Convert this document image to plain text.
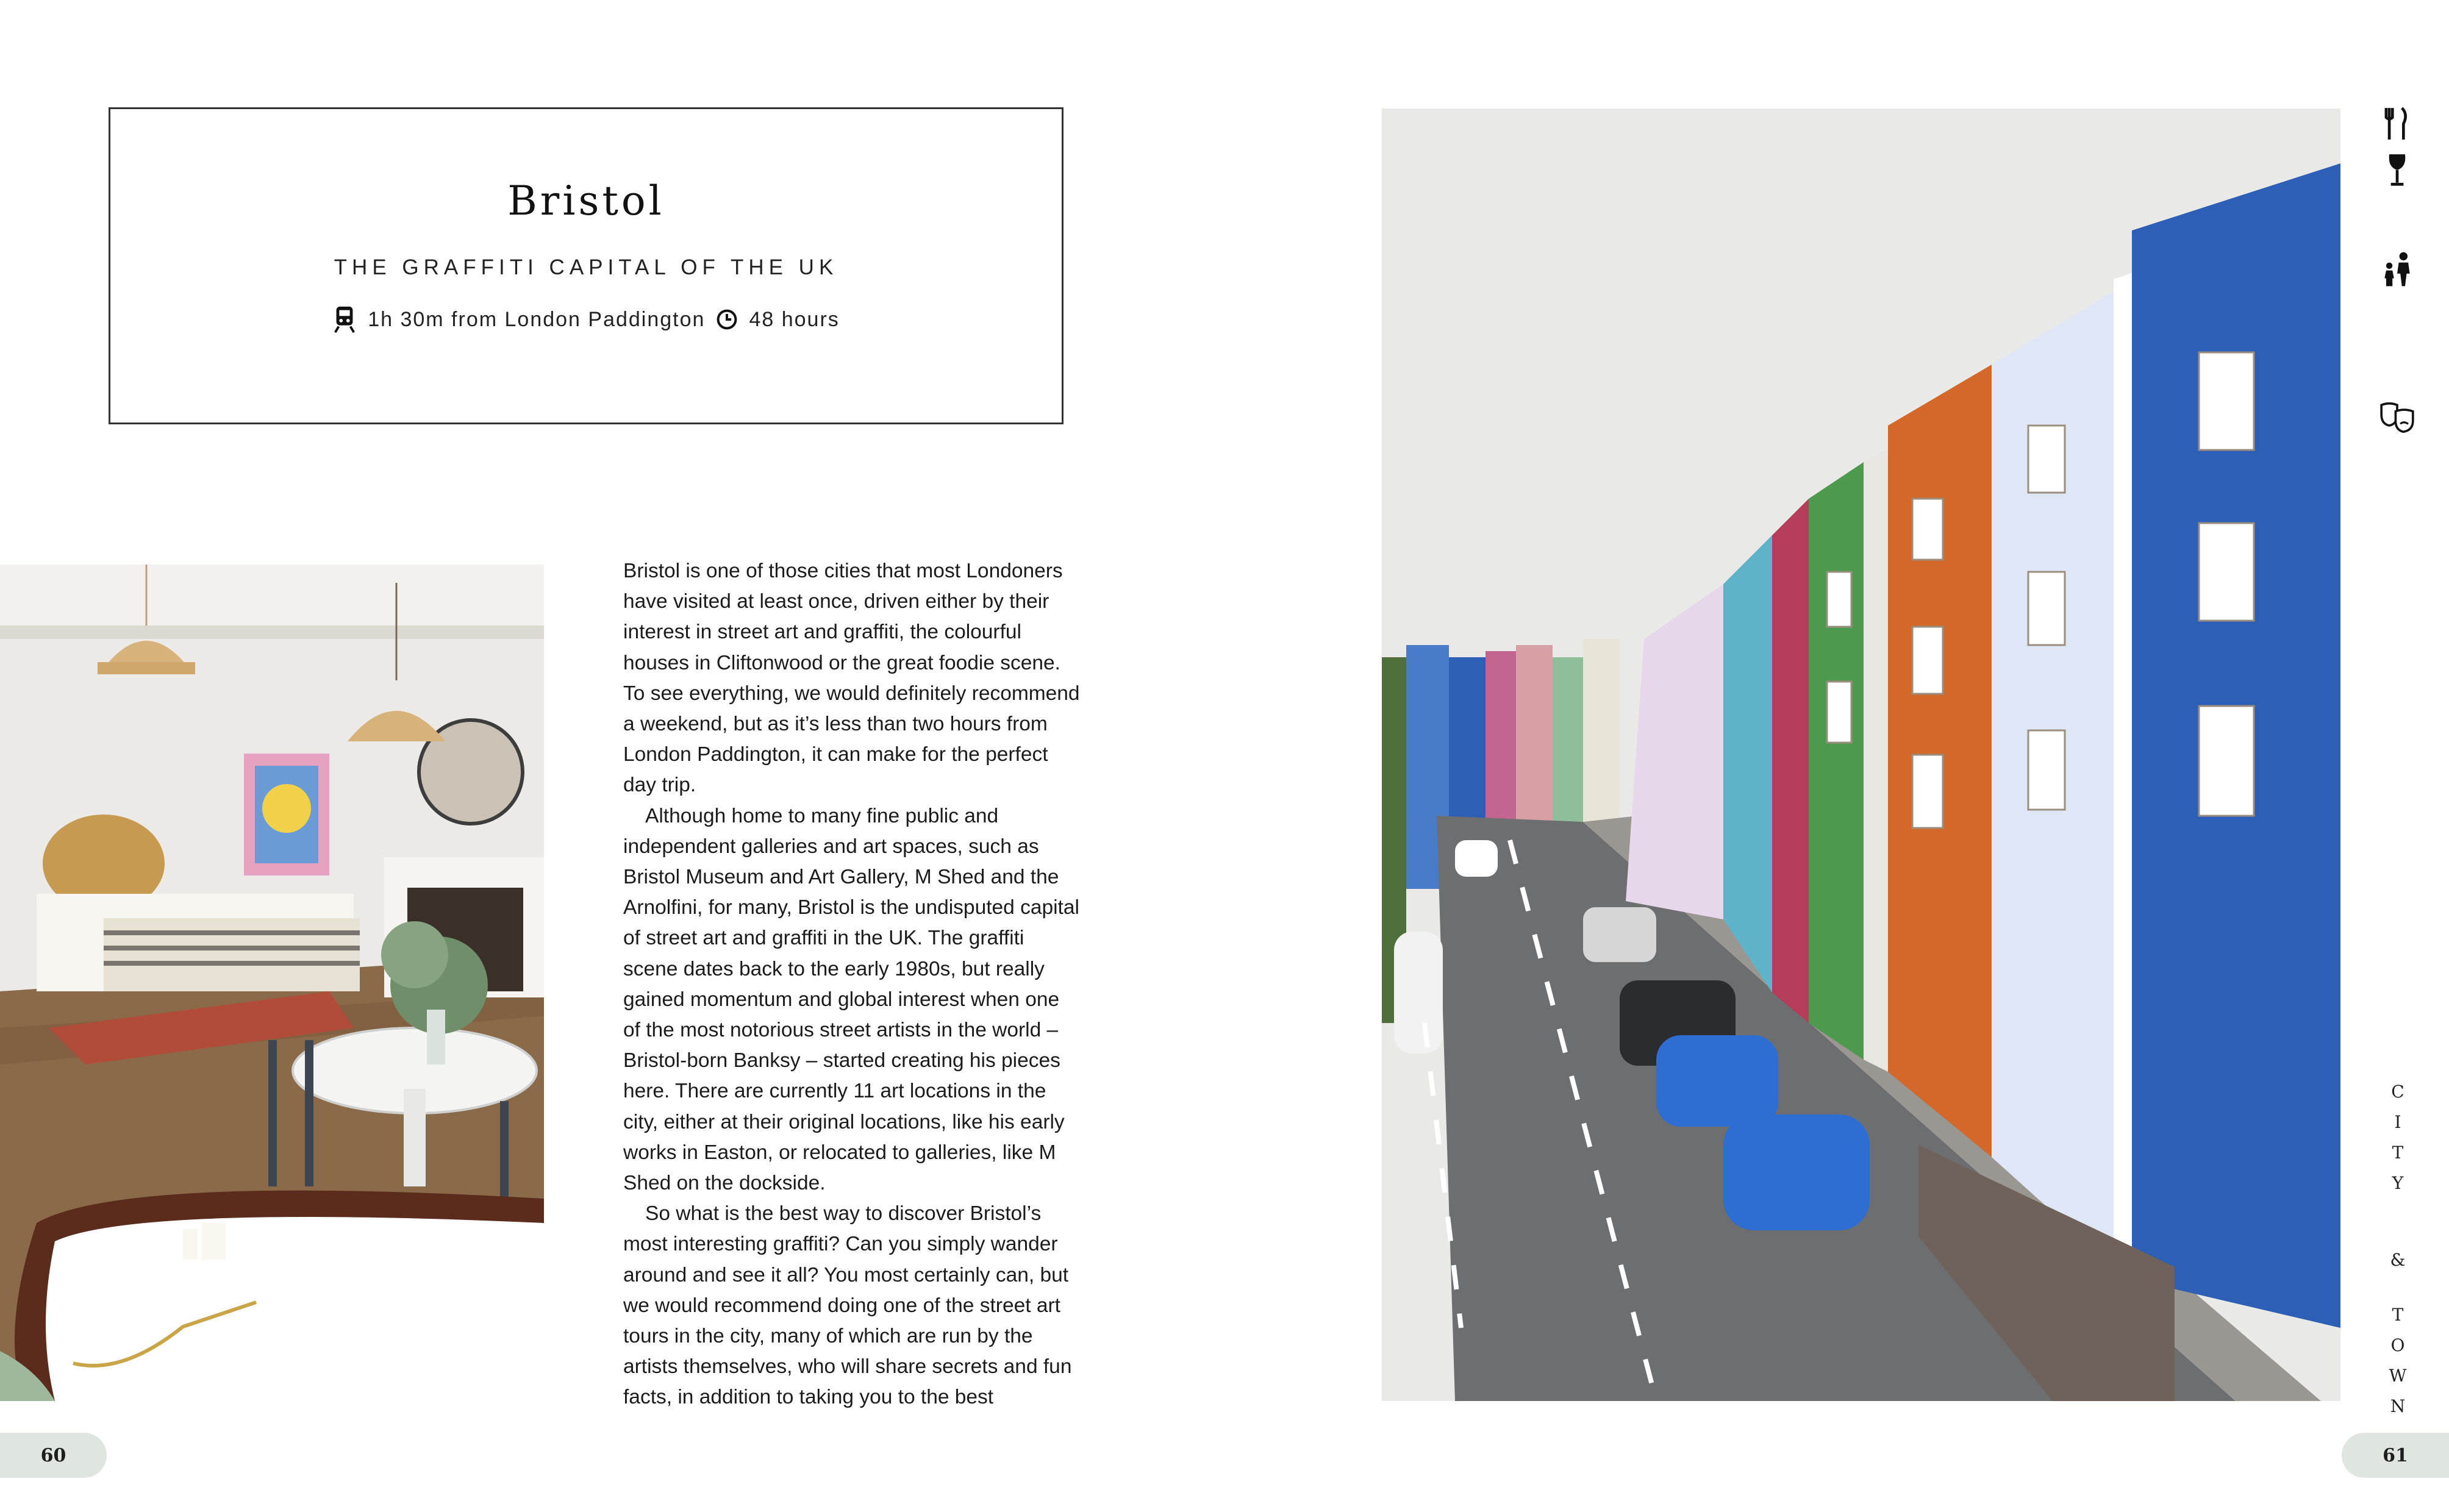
Bristol
THE GRAFFITI CAPITAL OF THE UK
1h 30m from London Paddington 48 hours

Bristol is one of those cities that most Londoners have visited at least once, driven either by their interest in street art and graffiti, the colourful houses in Cliftonwood or the great foodie scene. To see everything, we would definitely recommend a weekend, but as it’s less than two hours from London Paddington, it can make for the perfect day trip.

Although home to many fine public and independent galleries and art spaces, such as Bristol Museum and Art Gallery, M Shed and the Arnolfini, for many, Bristol is the undisputed capital of street art and graffiti in the UK. The graffiti scene dates back to the early 1980s, but really gained momentum and global interest when one of the most notorious street artists in the world – Bristol-born Banksy – started creating his pieces here. There are currently 11 art locations in the city, either at their original locations, like his early works in Easton, or relocated to galleries, like M Shed on the dockside.

So what is the best way to discover Bristol’s most interesting graffiti? Can you simply wander around and see it all? You most certainly can, but we would recommend doing one of the street art tours in the city, many of which are run by the artists themselves, who will share secrets and fun facts, in addition to taking you to the best

C
I
T
Y
&
T
O
W
N
60	61
